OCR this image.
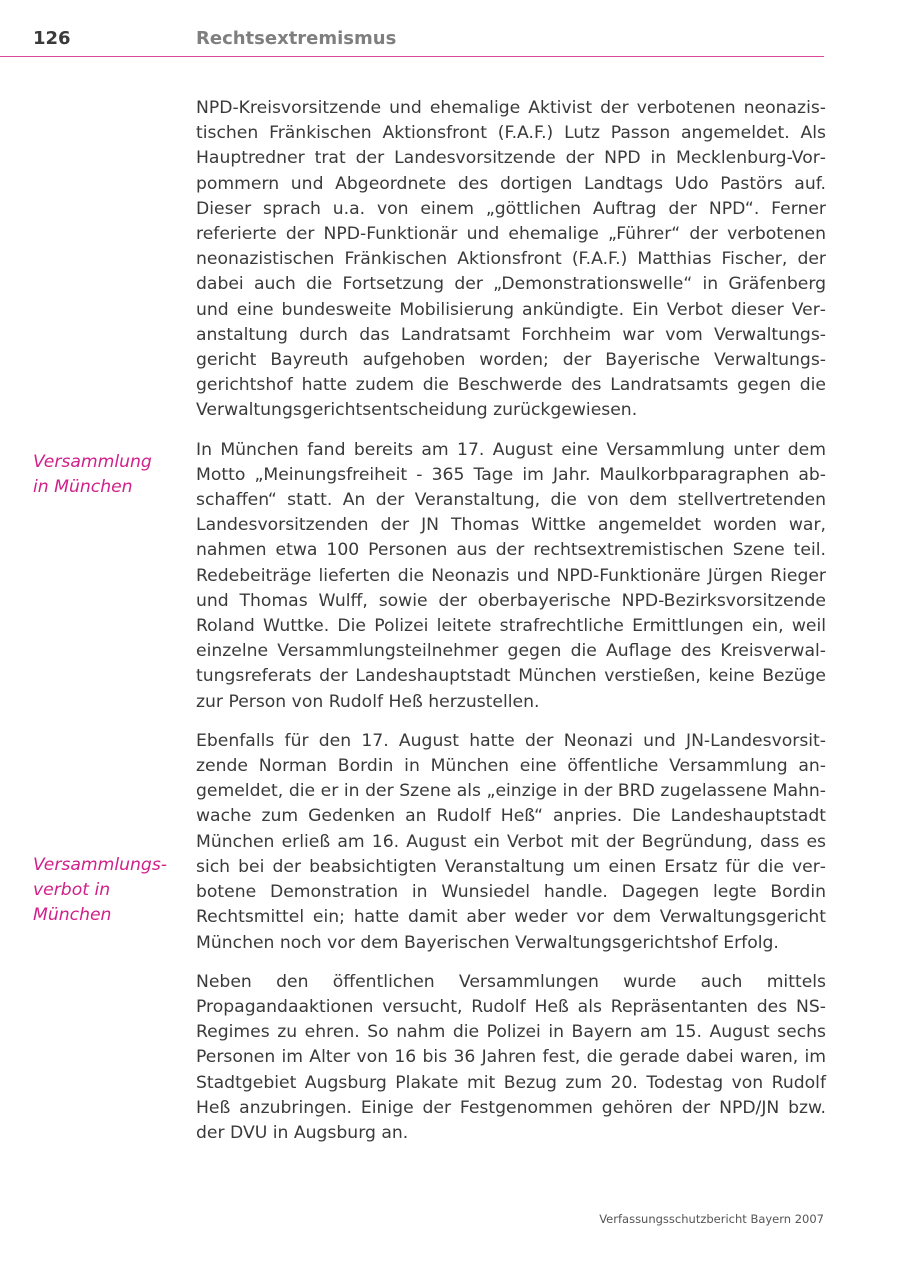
126	Rechtsextremismus
Versammlung
in München
Versammlungs-
verbot in München

NPD-Kreisvorsitzende und ehemalige Aktivist der verbotenen neonazistischen Fränkischen Aktionsfront (F.A.F.) Lutz Passon angemeldet. Als Hauptredner trat der Landesvorsitzende der NPD in Mecklenburg-Vorpommern und Abgeordnete des dortigen Landtags Udo Pastörs auf. Dieser sprach u.a. von einem „göttlichen Auftrag der NPD“. Ferner referierte der NPD-Funktionär und ehemalige „Führer“ der verbotenen neonazistischen Fränkischen Aktionsfront (F.A.F.) Matthias Fischer, der dabei auch die Fortsetzung der „Demonstrationswelle“ in Gräfenberg und eine bundesweite Mobilisierung ankündigte. Ein Verbot dieser Veranstaltung durch das Landratsamt Forchheim war vom Verwaltungsgericht Bayreuth aufgehoben worden; der Bayerische Verwaltungsgerichtshof hatte zudem die Beschwerde des Landratsamts gegen die Verwaltungsgerichtsentscheidung zurückgewiesen.

In München fand bereits am 17. August eine Versammlung unter dem Motto „Meinungsfreiheit - 365 Tage im Jahr. Maulkorbparagraphen abschaffen“ statt. An der Veranstaltung, die von dem stellvertretenden Landesvorsitzenden der JN Thomas Wittke angemeldet worden war, nahmen etwa 100 Personen aus der rechtsextremistischen Szene teil. Redebeiträge lieferten die Neonazis und NPD-Funktionäre Jürgen Rieger und Thomas Wulff, sowie der oberbayerische NPD-Bezirksvorsitzende Roland Wuttke. Die Polizei leitete strafrechtliche Ermittlungen ein, weil einzelne Versammlungsteilnehmer gegen die Auflage des Kreisverwaltungsreferats der Landeshauptstadt München verstießen, keine Bezüge zur Person von Rudolf Heß herzustellen.

Ebenfalls für den 17. August hatte der Neonazi und JN-Landesvorsitzende Norman Bordin in München eine öffentliche Versammlung angemeldet, die er in der Szene als „einzige in der BRD zugelassene Mahnwache zum Gedenken an Rudolf Heß“ anpries. Die Landeshauptstadt München erließ am 16. August ein Verbot mit der Begründung, dass es sich bei der beabsichtigten Veranstaltung um einen Ersatz für die verbotene Demonstration in Wunsiedel handle. Dagegen legte Bordin Rechtsmittel ein; hatte damit aber weder vor dem Verwaltungsgericht München noch vor dem Bayerischen Verwaltungsgerichtshof Erfolg.

Neben den öffentlichen Versammlungen wurde auch mittels Propagandaaktionen versucht, Rudolf Heß als Repräsentanten des NS-Regimes zu ehren. So nahm die Polizei in Bayern am 15. August sechs Personen im Alter von 16 bis 36 Jahren fest, die gerade dabei waren, im Stadtgebiet Augsburg Plakate mit Bezug zum 20. Todestag von Rudolf Heß anzubringen. Einige der Festgenommen gehören der NPD/JN bzw. der DVU in Augsburg an.

Verfassungsschutzbericht Bayern 2007
